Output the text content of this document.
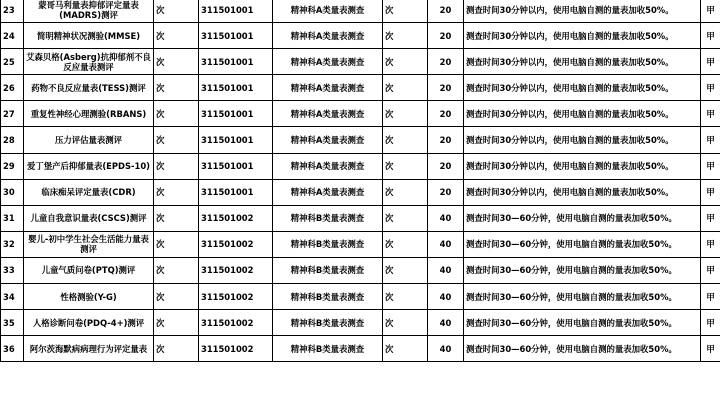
23	蒙哥马利量表抑郁评定量表(MADRS)测评	次	311501001	精神科A类量表测查	次	20	测查时间30分钟以内，使用电脑自测的量表加收50%。	甲
24	简明精神状况测验(MMSE)	次	311501001	精神科A类量表测查	次	20	测查时间30分钟以内，使用电脑自测的量表加收50%。	甲
25	艾森贝格(Asberg)抗抑郁剂不良反应量表测评	次	311501001	精神科A类量表测查	次	20	测查时间30分钟以内，使用电脑自测的量表加收50%。	甲
26	药物不良反应量表(TESS)测评	次	311501001	精神科A类量表测查	次	20	测查时间30分钟以内，使用电脑自测的量表加收50%。	甲
27	重复性神经心理测验(RBANS)	次	311501001	精神科A类量表测查	次	20	测查时间30分钟以内，使用电脑自测的量表加收50%。	甲
28	压力评估量表测评	次	311501001	精神科A类量表测查	次	20	测查时间30分钟以内，使用电脑自测的量表加收50%。	甲
29	爱丁堡产后抑郁量表(EPDS-10)	次	311501001	精神科A类量表测查	次	20	测查时间30分钟以内，使用电脑自测的量表加收50%。	甲
30	临床痴呆评定量表(CDR)	次	311501001	精神科A类量表测查	次	20	测查时间30分钟以内，使用电脑自测的量表加收50%。	甲
31	儿童自我意识量表(CSCS)测评	次	311501002	精神科B类量表测查	次	40	测查时间30—60分钟，使用电脑自测的量表加收50%。	甲
32	婴儿-初中学生社会生活能力量表测评	次	311501002	精神科B类量表测查	次	40	测查时间30—60分钟，使用电脑自测的量表加收50%。	甲
33	儿童气质问卷(PTQ)测评	次	311501002	精神科B类量表测查	次	40	测查时间30—60分钟，使用电脑自测的量表加收50%。	甲
34	性格测验(Y-G)	次	311501002	精神科B类量表测查	次	40	测查时间30—60分钟，使用电脑自测的量表加收50%。	甲
35	人格诊断问卷(PDQ-4+)测评	次	311501002	精神科B类量表测查	次	40	测查时间30—60分钟，使用电脑自测的量表加收50%。	甲
36	阿尔茨海默病病理行为评定量表	次	311501002	精神科B类量表测查	次	40	测查时间30—60分钟，使用电脑自测的量表加收50%。	甲
